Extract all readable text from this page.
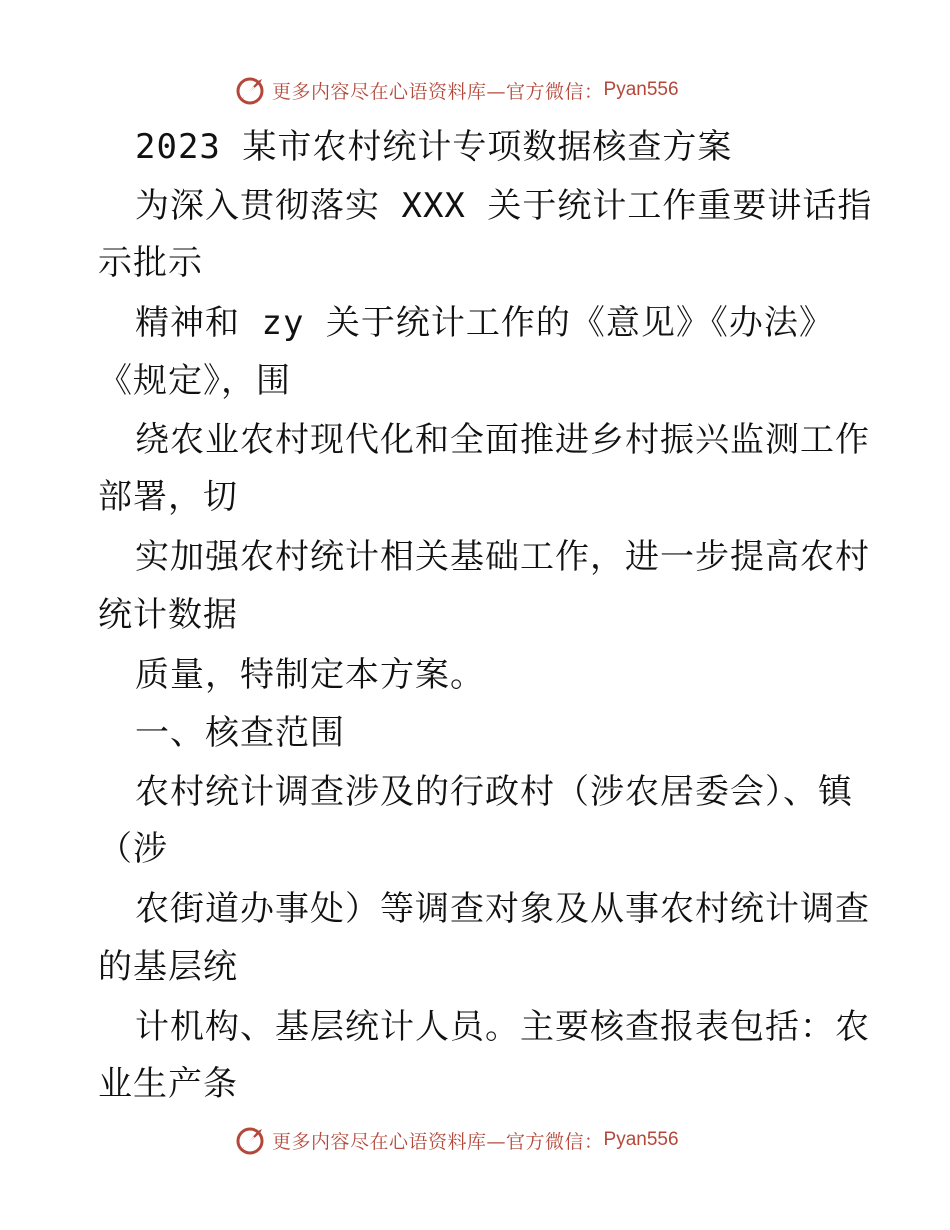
更多内容尽在心语资料库—官方微信： Pyan556
2023 某市农村统计专项数据核查方案
为深入贯彻落实 XXX 关于统计工作重要讲话指
示批示
精神和 zy 关于统计工作的《意见》《办法》
《规定》，围
绕农业农村现代化和全面推进乡村振兴监测工作
部署，切
实加强农村统计相关基础工作，进一步提高农村
统计数据
质量，特制定本方案。
一、核查范围
农村统计调查涉及的行政村（涉农居委会）、镇
（涉
农街道办事处）等调查对象及从事农村统计调查
的基层统
计机构、基层统计人员。主要核查报表包括：农
业生产条
更多内容尽在心语资料库—官方微信： Pyan556
